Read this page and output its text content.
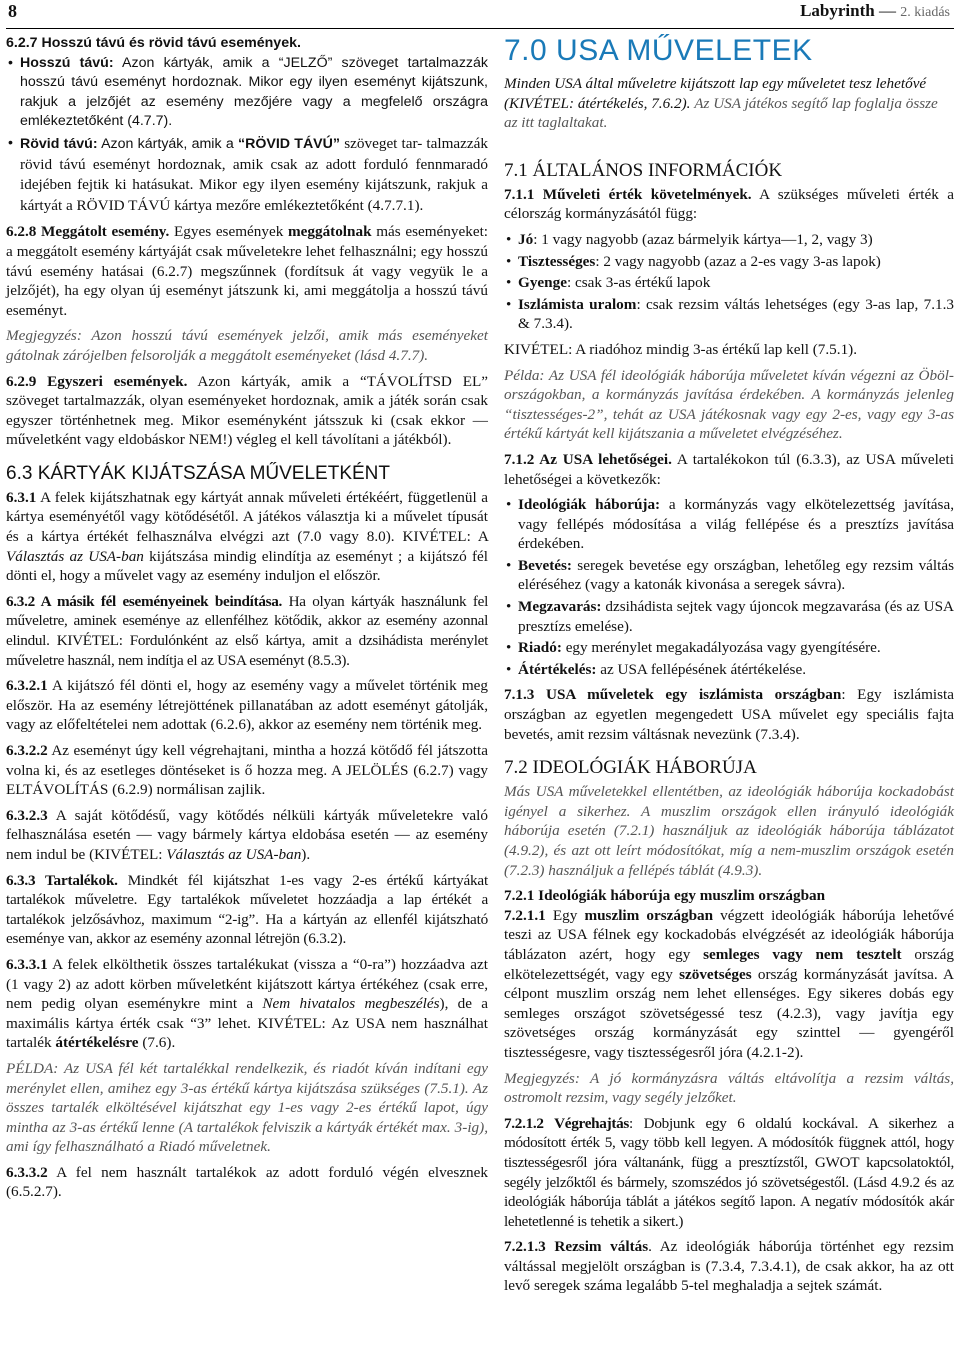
8	Labyrinth — 2. kiadás

6.2.7 Hosszú távú és rövid távú események.

• Hosszú távú: Azon kártyák, amik a “JELZŐ” szöveget tartalmazzák hosszú távú eseményt hordoznak. Mikor egy ilyen eseményt kijátszunk, rakjuk a jelzőjét az esemény mezőjére vagy a megfelelő országra emlékeztetőként (4.7.7).
• Rövid távú: Azon kártyák, amik a “RÖVID TÁVÚ” szöveget tar- talmazzák rövid távú eseményt hordoznak, amik csak az adott forduló fennmaradó idejében fejtik ki hatásukat. Mikor egy ilyen esemény kijátszunk, rakjuk a kártyát a RÖVID TÁVÚ kártya mezőre emlékeztetőként (4.7.7.1).

6.2.8 Meggátolt esemény. Egyes események meggátolnak más eseményeket: a meggátolt esemény kártyáját csak műveletekre lehet felhasználni; egy hosszú távú esemény hatásai (6.2.7) megszűnnek (fordítsuk át vagy vegyük le a jelzőjét), ha egy olyan új eseményt játszunk ki, ami meggátolja a hosszú távú eseményt.

Megjegyzés: Azon hosszú távú események jelzői, amik más eseményeket gátolnak zárójelben felsorolják a meggátolt eseményeket (lásd 4.7.7).

6.2.9 Egyszeri események. Azon kártyák, amik a “TÁVOLÍTSD EL” szöveget tartalmazzák, olyan eseményeket hordoznak, amik a játék során csak egyszer történhetnek meg. Mikor eseményként játsszuk ki (csak ekkor — műveletként vagy eldobáskor NEM!) végleg el kell távolítani a játékból).

6.3 KÁRTYÁK KIJÁTSZÁSA MŰVELETKÉNT

6.3.1 A felek kijátszhatnak egy kártyát annak műveleti értékéért, függetlenül a kártya eseményétől vagy kötődésétől. A játékos választja ki a művelet típusát és a kártya értékét felhasználva elvégzi azt (7.0 vagy 8.0). KIVÉTEL: A Választás az USA-ban kijátszása mindig elindítja az eseményt ; a kijátszó fél dönti el, hogy a művelet vagy az esemény induljon el először.

6.3.2 A másik fél eseményeinek beindítása. Ha olyan kártyák használunk fel műveletre, aminek eseménye az ellenfélhez kötődik, akkor az esemény azonnal elindul. KIVÉTEL: Fordulónként az első kártya, amit a dzsihádista merénylet műveletre használ, nem indítja el az USA eseményt (8.5.3).

6.3.2.1 A kijátszó fél dönti el, hogy az esemény vagy a művelet történik meg először. Ha az esemény létrejöttének pillanatában az adott eseményt gátolják, vagy az előfeltételei nem adottak (6.2.6), akkor az esemény nem történik meg.

6.3.2.2 Az eseményt úgy kell végrehajtani, mintha a hozzá kötődő fél játszotta volna ki, és az esetleges döntéseket is ő hozza meg. A JELÖLÉS (6.2.7) vagy ELTÁVOLÍTÁS (6.2.9) normálisan zajlik.

6.3.2.3 A saját kötődésű, vagy kötődés nélküli kártyák műveletekre való felhasználása esetén — vagy bármely kártya eldobása esetén — az esemény nem indul be (KIVÉTEL: Választás az USA-ban).

6.3.3 Tartalékok. Mindkét fél kijátszhat 1-es vagy 2-es értékű kártyákat tartalékok műveletre. Egy tartalékok műveletet hozzáadja a lap értékét a tartalékok jelzősávhoz, maximum “2-ig”. Ha a kártyán az ellenfél kijátszható eseménye van, akkor az esemény azonnal létrejön (6.3.2).

6.3.3.1 A felek elkölthetik összes tartalékukat (vissza a “0-ra”) hozzáadva azt (1 vagy 2) az adott körben műveletként kijátszott kártya értékéhez (csak erre, nem pedig olyan eseménykre mint a Nem hivatalos megbeszélés), de a maximális kártya érték csak “3” lehet. KIVÉTEL: Az USA nem használhat tartalék átértékelésre (7.6).

PÉLDA: Az USA fél két tartalékkal rendelkezik, és riadót kíván indítani egy merénylet ellen, amihez egy 3-as értékű kártya kijátszása szükséges (7.5.1). Az összes tartalék elköltésével kijátszhat egy 1-es vagy 2-es értékű lapot, úgy mintha az 3-as értékű lenne (A tartalékok felviszik a kártyák értékét max. 3-ig), ami így felhasználható a Riadó műveletnek.

6.3.3.2 A fel nem használt tartalékok az adott forduló végén elvesznek (6.5.2.7).

7.0 USA MŰVELETEK

Minden USA által műveletre kijátszott lap egy műveletet tesz lehetővé (KIVÉTEL: átértékelés, 7.6.2). Az USA játékos segítő lap foglalja össze az itt taglaltakat.

7.1 ÁLTALÁNOS INFORMÁCIÓK

7.1.1 Műveleti érték követelmények. A szükséges műveleti érték a célország kormányzásától függ:

• Jó: 1 vagy nagyobb (azaz bármelyik kártya—1, 2, vagy 3)
• Tisztességes: 2 vagy nagyobb (azaz a 2-es vagy 3-as lapok)
• Gyenge: csak 3-as értékű lapok
• Iszlámista uralom: csak rezsim váltás lehetséges (egy 3-as lap, 7.1.3 & 7.3.4).

KIVÉTEL: A riadóhoz mindig 3-as értékű lap kell (7.5.1).

Példa: Az USA fél ideológiák háborúja műveletet kíván végezni az Öböl-országokban, a kormányzás javítása érdekében. A kormányzás jelenleg “tisztességes-2”, tehát az USA játékosnak vagy egy 2-es, vagy egy 3-as értékű kártyát kell kijátszania a műveletet elvégzéséhez.

7.1.2 Az USA lehetőségei. A tartalékokon túl (6.3.3), az USA műveleti lehetőségei a következők:

• Ideológiák háborúja: a kormányzás vagy elkötelezettség javítása, vagy fellépés módosítása a világ fellépése és a presztízs javítása érdekében.
• Bevetés: seregek bevetése egy országban, lehetőleg egy rezsim váltás eléréséhez (vagy a katonák kivonása a seregek sávra).
• Megzavarás: dzsihádista sejtek vagy újoncok megzavarása (és az USA presztízs emelése).
• Riadó: egy merénylet megakadályozása vagy gyengítésére.
• Átértékelés: az USA fellépésének átértékelése.

7.1.3 USA műveletek egy iszlámista országban: Egy iszlámista országban az egyetlen megengedett USA művelet egy speciális fajta bevetés, amit rezsim váltásnak nevezünk (7.3.4).

7.2 IDEOLÓGIÁK HÁBORÚJA

Más USA műveletekkel ellentétben, az ideológiák háborúja kockadobást igényel a sikerhez. A muszlim országok ellen irányuló ideológiák háborúja esetén (7.2.1) használjuk az ideológiák háborúja táblázatot (4.9.2), és azt ott leírt módosítókat, míg a nem-muszlim országok esetén (7.2.3) használjuk a fellépés táblát (4.9.3).

7.2.1 Ideológiák háborúja egy muszlim országban

7.2.1.1 Egy muszlim országban végzett ideológiák háborúja lehetővé teszi az USA félnek egy kockadobás elvégzését az ideológiák háborúja táblázaton azért, hogy egy semleges vagy nem tesztelt ország elkötelezettségét, vagy egy szövetséges ország kormányzását javítsa. A célpont muszlim ország nem lehet ellenséges. Egy sikeres dobás egy semleges országot szövetségessé tesz (4.2.3), vagy javítja egy szövetséges ország kormányzását egy szinttel — gyengéről tisztességesre, vagy tisztességesről jóra (4.2.1-2).

Megjegyzés: A jó kormányzásra váltás eltávolítja a rezsim váltás, ostromolt rezsim, vagy segély jelzőket.

7.2.1.2 Végrehajtás: Dobjunk egy 6 oldalú kockával. A sikerhez a módosított érték 5, vagy több kell legyen. A módosítók függnek attól, hogy tisztességesről jóra váltanánk, függ a presztízstől, GWOT kapcsolatoktól, segély jelzőktől és bármely, szomszédos jó szövetségestől. (Lásd 4.9.2 és az ideológiák háborúja táblát a játékos segítő lapon. A negatív módosítók akár lehetetlenné is tehetik a sikert.)

7.2.1.3 Rezsim váltás. Az ideológiák háborúja történhet egy rezsim váltással megjelölt országban is (7.3.4, 7.3.4.1), de csak akkor, ha az ott levő seregek száma legalább 5-tel meghaladja a sejtek számát.
